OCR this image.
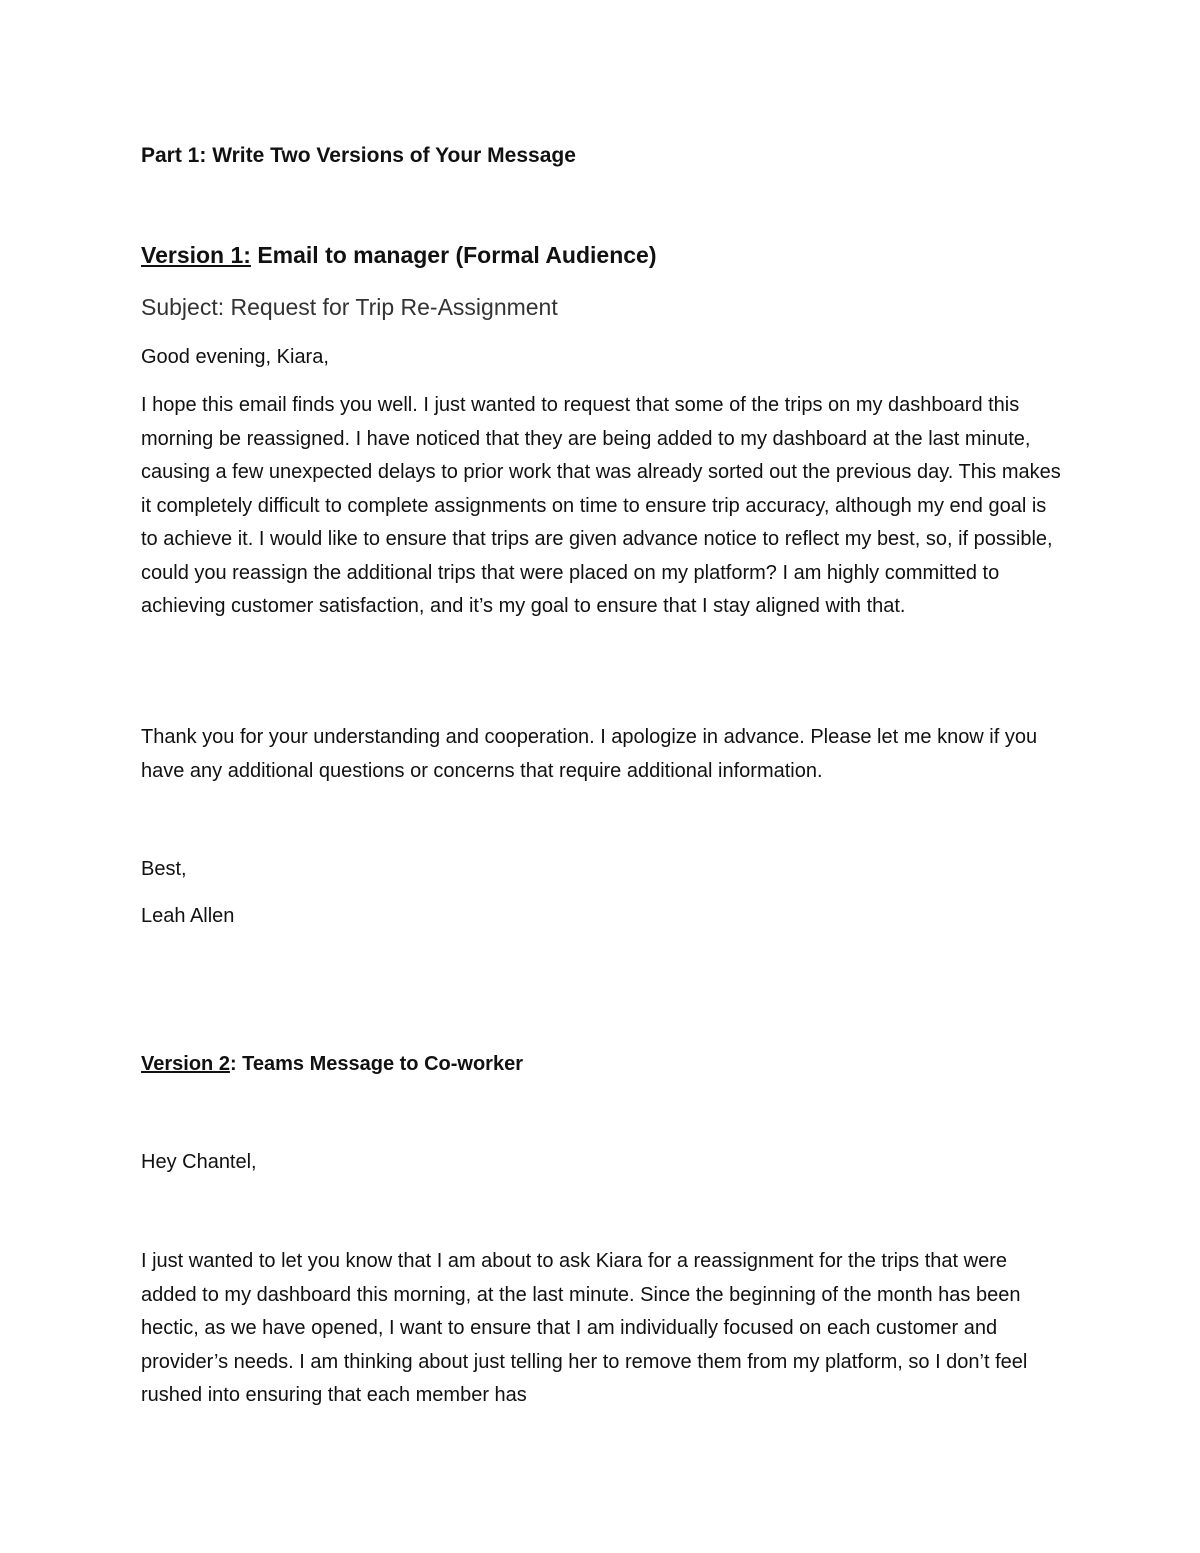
Part 1: Write Two Versions of Your Message

Version 1: Email to manager (Formal Audience)

Subject: Request for Trip Re-Assignment

Good evening, Kiara,

I hope this email finds you well. I just wanted to request that some of the trips on my dashboard this morning be reassigned. I have noticed that they are being added to my dashboard at the last minute, causing a few unexpected delays to prior work that was already sorted out the previous day. This makes it completely difficult to complete assignments on time to ensure trip accuracy, although my end goal is to achieve it. I would like to ensure that trips are given advance notice to reflect my best, so, if possible, could you reassign the additional trips that were placed on my platform? I am highly committed to achieving customer satisfaction, and it’s my goal to ensure that I stay aligned with that.

Thank you for your understanding and cooperation. I apologize in advance. Please let me know if you have any additional questions or concerns that require additional information.

Best,

Leah Allen

Version 2: Teams Message to Co-worker

Hey Chantel,

I just wanted to let you know that I am about to ask Kiara for a reassignment for the trips that were added to my dashboard this morning, at the last minute. Since the beginning of the month has been hectic, as we have opened, I want to ensure that I am individually focused on each customer and provider’s needs. I am thinking about just telling her to remove them from my platform, so I don’t feel rushed into ensuring that each member has
